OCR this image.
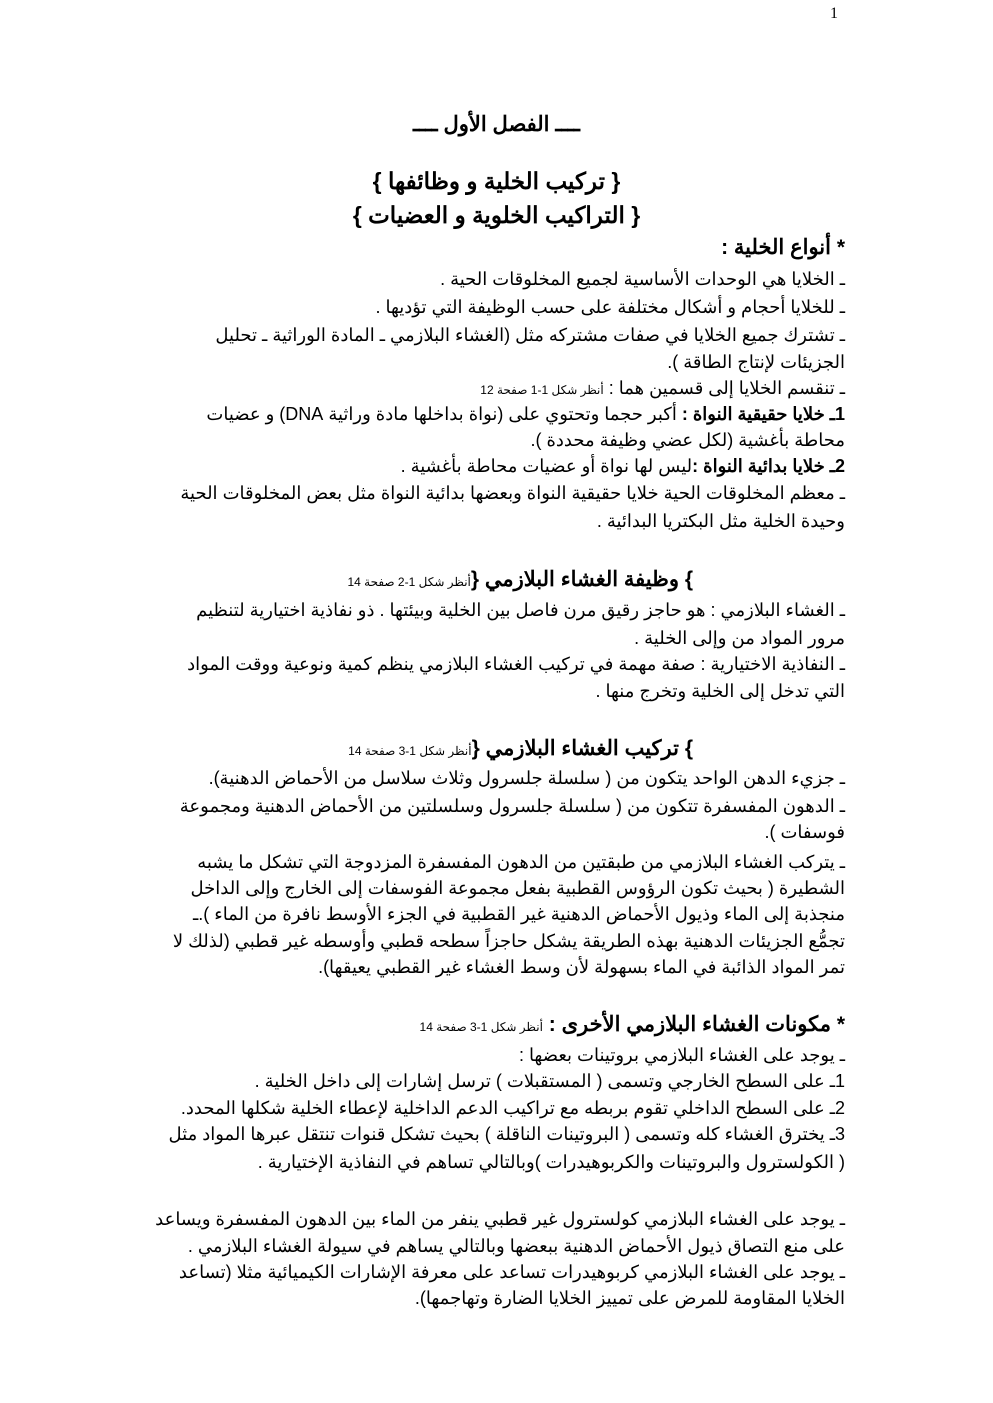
1
ــــ الفصل الأول ــــ
{ تركيب الخلية و وظائفها }
{ التراكيب الخلوية و العضيات }
* أنواع الخلية :
ـ الخلايا هي الوحدات الأساسية لجميع المخلوقات الحية .
ـ للخلايا أحجام و أشكال مختلفة على حسب الوظيفة التي تؤديها .
ـ تشترك جميع الخلايا في صفات مشتركه مثل (الغشاء البلازمي ـ المادة الوراثية ـ تحليل
الجزيئات لإنتاج الطاقة ).
ـ تنقسم الخلايا إلى قسمين هما : أنظر شكل 1-1 صفحة 12
1ـ خلايا حقيقية النواة : أكبر حجما وتحتوي على (نواة بداخلها مادة وراثية DNA) و عضيات
محاطة بأغشية (لكل عضي وظيفة محددة ).
2ـ خلايا بدائية النواة :ليس لها نواة أو عضيات محاطة بأغشية .
ـ معظم المخلوقات الحية خلايا حقيقية النواة وبعضها بدائية النواة مثل بعض المخلوقات الحية
وحيدة الخلية مثل البكتريا البدائية .
} وظيفة الغشاء البلازمي {أنظر شكل 1-2 صفحة 14
ـ الغشاء البلازمي : هو حاجز رقيق مرن فاصل بين الخلية وبيئتها . ذو نفاذية اختيارية لتنظيم
مرور المواد من وإلى الخلية .
ـ النفاذية الاختيارية : صفة مهمة في تركيب الغشاء البلازمي ينظم كمية ونوعية ووقت المواد
التي تدخل إلى الخلية وتخرج منها .
} تركيب الغشاء البلازمي {أنظر شكل 1-3 صفحة 14
ـ جزيء الدهن الواحد يتكون من ( سلسلة جلسرول وثلاث سلاسل من الأحماض الدهنية).
ـ الدهون المفسفرة تتكون من ( سلسلة جلسرول وسلسلتين من الأحماض الدهنية ومجموعة
فوسفات ).
ـ يتركب الغشاء البلازمي من طبقتين من الدهون المفسفرة المزدوجة التي تشكل ما يشبه
الشطيرة ( بحيث تكون الرؤوس القطبية بفعل مجموعة الفوسفات إلى الخارج وإلى الداخل
منجذبة إلى الماء وذيول الأحماض الدهنية غير القطبية في الجزء الأوسط نافرة من الماء ).ـ
تجمُّع الجزيئات الدهنية بهذه الطريقة يشكل حاجزاً سطحه قطبي وأوسطه غير قطبي (لذلك لا
تمر المواد الذائبة في الماء بسهولة لأن وسط الغشاء غير القطبي يعيقها).
* مكونات الغشاء البلازمي الأخرى : أنظر شكل 1-3 صفحة 14
ـ يوجد على الغشاء البلازمي بروتينات بعضها :
1ـ على السطح الخارجي وتسمى ( المستقبلات ) ترسل إشارات إلى داخل الخلية .
2ـ على السطح الداخلي تقوم بربطه مع تراكيب الدعم الداخلية لإعطاء الخلية شكلها المحدد.
3ـ يخترق الغشاء كله وتسمى ( البروتينات الناقلة ) بحيث تشكل قنوات تنتقل عبرها المواد مثل
( الكولسترول والبروتينات والكربوهيدرات )وبالتالي تساهم في النفاذية الإختيارية .
ـ يوجد على الغشاء البلازمي كولسترول غير قطبي ينفر من الماء بين الدهون المفسفرة ويساعد
على منع التصاق ذيول الأحماض الدهنية ببعضها وبالتالي يساهم في سيولة الغشاء البلازمي .
ـ يوجد على الغشاء البلازمي كربوهيدرات تساعد على معرفة الإشارات الكيميائية مثلا (تساعد
الخلايا المقاومة للمرض على تمييز الخلايا الضارة وتهاجمها).
